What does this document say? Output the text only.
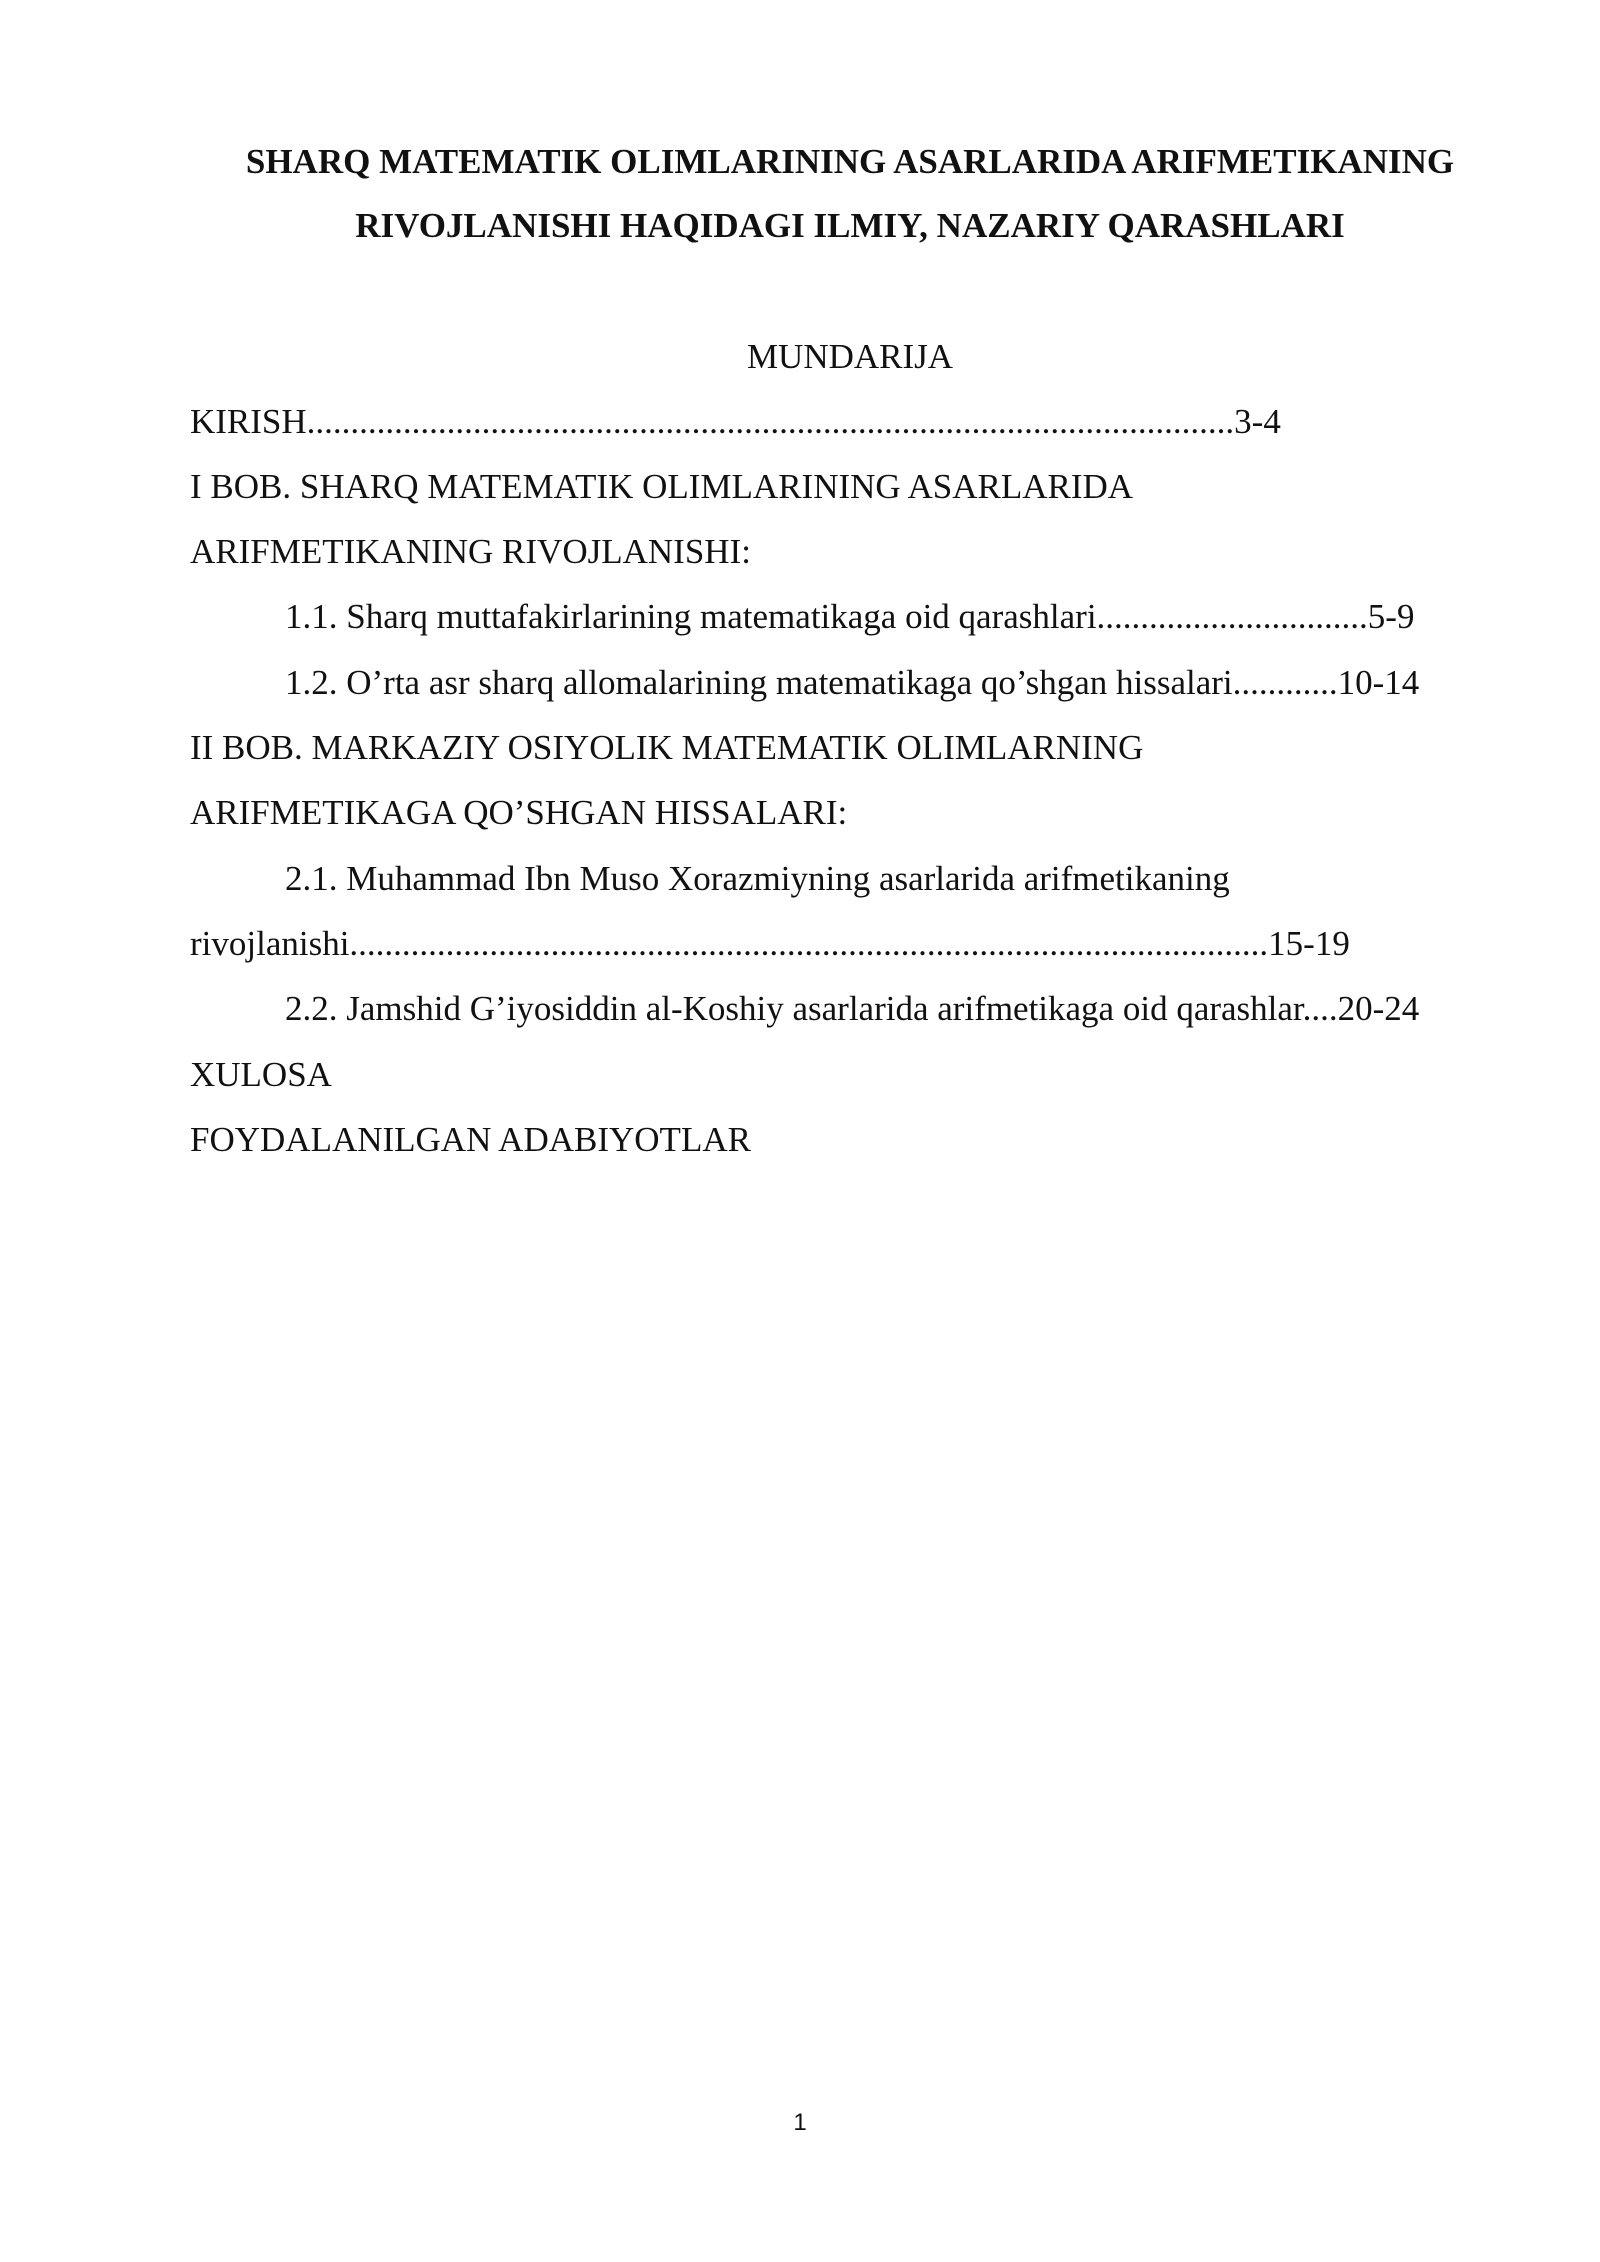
SHARQ MATEMATIK OLIMLARINING ASARLARIDA ARIFMETIKANING
RIVOJLANISHI HAQIDAGI ILMIY, NAZARIY QARASHLARI
MUNDARIJA
KIRISH..........................................................................................................3-4
I BOB. SHARQ MATEMATIK OLIMLARINING ASARLARIDA
ARIFMETIKANING RIVOJLANISHI:
1.1. Sharq muttafakirlarining matematikaga oid qarashlari...............................5-9
1.2. O’rta asr sharq allomalarining matematikaga qo’shgan hissalari............10-14
II BOB. MARKAZIY OSIYOLIK MATEMATIK OLIMLARNING
ARIFMETIKAGA QO’SHGAN HISSALARI:
2.1. Muhammad Ibn Muso Xorazmiyning asarlarida arifmetikaning
rivojlanishi.........................................................................................................15-19
2.2. Jamshid G’iyosiddin al-Koshiy asarlarida arifmetikaga oid qarashlar....20-24
XULOSA
FOYDALANILGAN ADABIYOTLAR
1
